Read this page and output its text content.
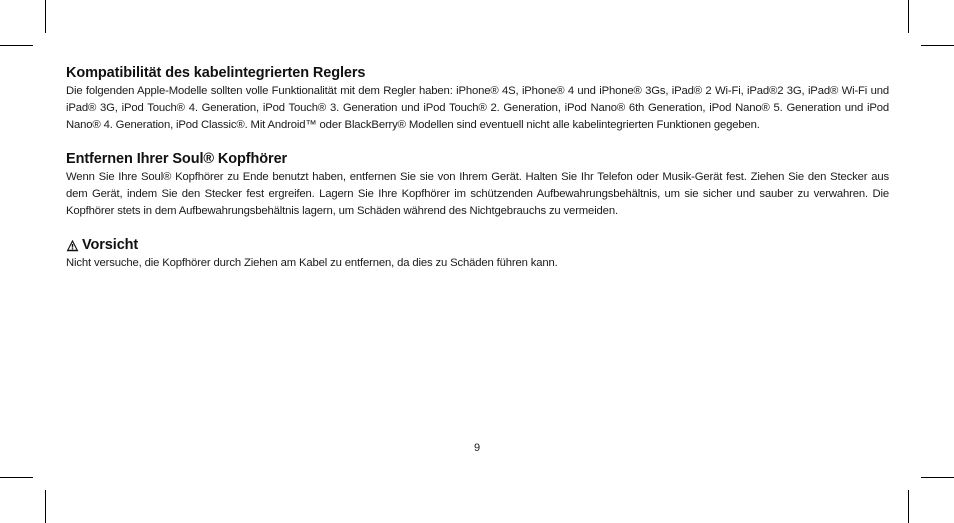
Kompatibilität des kabelintegrierten Reglers

Die folgenden Apple-Modelle sollten volle Funktionalität mit dem Regler haben: iPhone® 4S, iPhone® 4 und iPhone® 3Gs, iPad® 2 Wi-Fi, iPad®2 3G, iPad® Wi-Fi und iPad® 3G, iPod Touch® 4. Generation, iPod Touch® 3. Generation und iPod Touch® 2. Generation, iPod Nano® 6th Generation, iPod Nano® 5. Generation und iPod Nano® 4. Generation, iPod Classic®. Mit Android™ oder BlackBerry® Modellen sind eventuell nicht alle kabelintegrierten Funktionen gegeben.

Entfernen Ihrer Soul® Kopfhörer

Wenn Sie Ihre Soul® Kopfhörer zu Ende benutzt haben, entfernen Sie sie von Ihrem Gerät. Halten Sie Ihr Telefon oder Musik-Gerät fest. Ziehen Sie den Stecker aus dem Gerät, indem Sie den Stecker fest ergreifen. Lagern Sie Ihre Kopfhörer im schützenden Aufbewahrungsbehältnis, um sie sicher und sauber zu verwahren. Die Kopfhörer stets in dem Aufbewahrungsbehältnis lagern, um Schäden während des Nichtgebrauchs zu vermeiden.

Vorsicht

Nicht versuche, die Kopfhörer durch Ziehen am Kabel zu entfernen, da dies zu Schäden führen kann.

9
